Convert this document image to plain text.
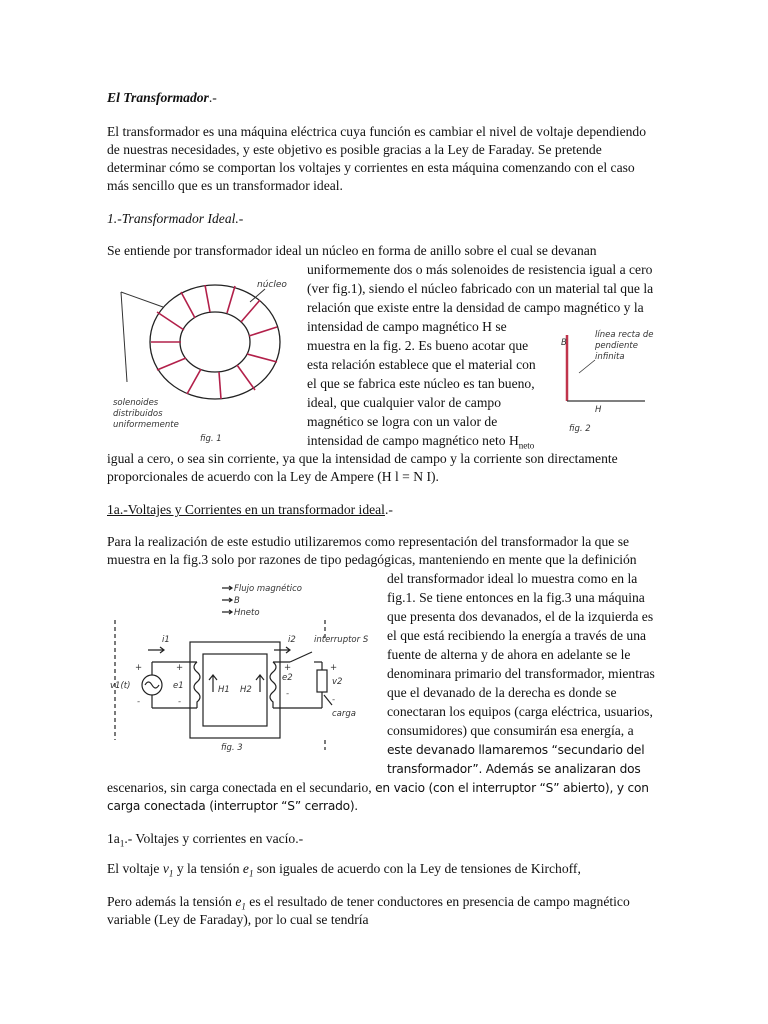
El Transformador.-
El transformador es una máquina eléctrica cuya función es cambiar el nivel de voltaje dependiendo
de nuestras necesidades, y este objetivo es posible gracias a la Ley de Faraday. Se pretende
determinar cómo se comportan los voltajes y corrientes en esta máquina comenzando con el caso
más sencillo que es un transformador ideal.
1.-Transformador Ideal.-
Se entiende por transformador ideal un núcleo en forma de anillo sobre el cual se devanan
uniformemente dos o más solenoides de resistencia igual a cero
(ver fig.1), siendo el núcleo fabricado con un material tal que la
relación que existe entre la densidad de campo magnético y la
intensidad de campo magnético H se
muestra en la fig. 2. Es bueno acotar que
esta relación establece que el material con
el que se fabrica este núcleo es tan bueno,
ideal, que cualquier valor de campo
magnético se logra con un valor de
intensidad de campo magnético neto $H_{neto}$
igual a cero, o sea sin corriente, ya que la intensidad de campo y la corriente son directamente
proporcionales de acuerdo con la Ley de Ampere (H l = N I).
núcleo
solenoides
distribuidos
uniformemente
fig. 1
B
H
línea recta de
pendiente
infinita
fig. 2
1a.-Voltajes y Corrientes en un transformador ideal.-
Para la realización de este estudio utilizaremos como representación del transformador la que se
muestra en la fig.3 solo por razones de tipo pedagógicas, manteniendo en mente que la definición
del transformador ideal lo muestra como en la
fig.1. Se tiene entonces en la fig.3 una máquina
que presenta dos devanados, el de la izquierda es
el que está recibiendo la energía a través de una
fuente de alterna y de ahora en adelante se le
denominara primario del transformador, mientras
que el devanado de la derecha es donde se
conectaran los equipos (carga eléctrica, usuarios,
consumidores) que consumirán esa energía, a
este devanado llamaremos “secundario del
transformador”. Además se analizaran dos
escenarios, sin carga conectada en el secundario, en vacio (con el interruptor “S” abierto), y con
carga conectada (interruptor “S” cerrado).
Flujo magnético
B
Hneto
i1	i2 interruptor S
v1(t)	e1
e2
H1 H2
v2
carga
+	+	+	+
-	-
-
-
fig. 3
$1a_1.-$ Voltajes y corrientes en vacío.-
El voltaje $v_1$ y la tensión $e_1$ son iguales de acuerdo con la Ley de tensiones de Kirchoff,
Pero además la tensión $e_1$ es el resultado de tener conductores en presencia de campo magnético
variable (Ley de Faraday), por lo cual se tendría
